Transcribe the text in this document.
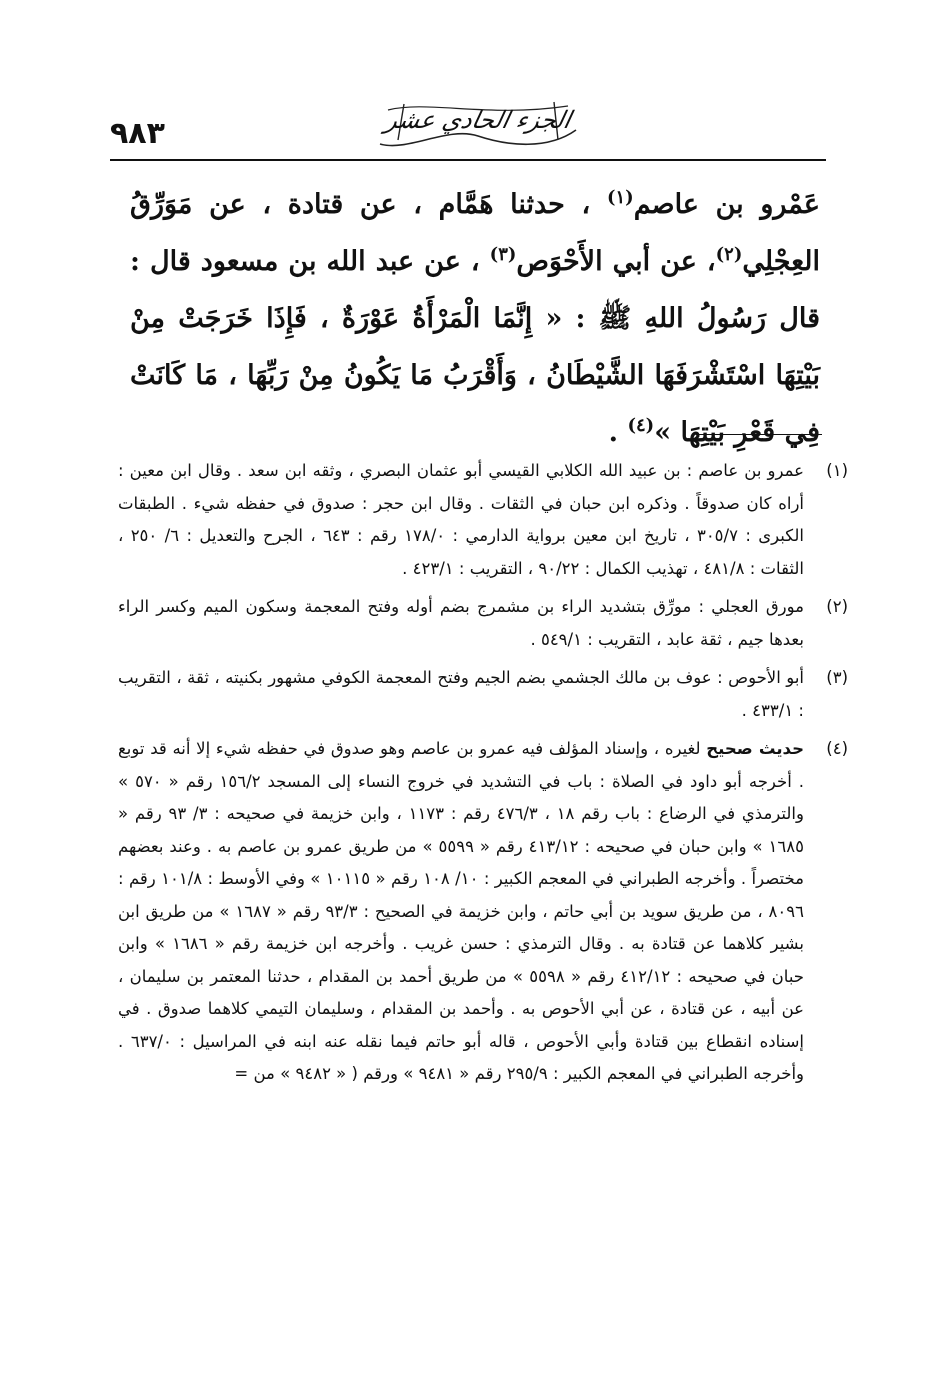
٩٨٣	الجزء الحادي عشر
عَمْرو بن عاصم$^{(١)}$ ، حدثنا هَمَّام ، عن قتادة ، عن مَوَرِّقُ العِجْلِي$^{(٢)}$، عن أبي الأَحْوَص$^{(٣)}$ ، عن عبد الله بن مسعود قال : قال رَسُولُ اللهِ ﷺ : « إِنَّمَا الْمَرْأَةُ عَوْرَةٌ ، فَإِذَا خَرَجَتْ مِنْ بَيْتِهَا اسْتَشْرَفَهَا الشَّيْطَانُ ، وَأَقْرَبُ مَا يَكُونُ مِنْ رَبِّهَا ، مَا كَانَتْ فِي قَعْرِ بَيْتِهَا »$^{(٤)}$ .
(١)
عمرو بن عاصم : بن عبيد الله الكلابي القيسي أبو عثمان البصري ، وثقه ابن سعد . وقال ابن معين : أراه كان صدوقاً . وذكره ابن حبان في الثقات . وقال ابن حجر : صدوق في حفظه شيء . الطبقات الكبرى : ٣٠٥/٧ ، تاريخ ابن معين برواية الدارمي : ١٧٨/٠ رقم : ٦٤٣ ، الجرح والتعديل : ٦/ ٢٥٠ ، الثقات : ٤٨١/٨ ، تهذيب الكمال : ٩٠/٢٢ ، التقريب : ٤٢٣/١ .
(٢)
مورق العجلي : مورِّق بتشديد الراء بن مشمرج بضم أوله وفتح المعجمة وسكون الميم وكسر الراء بعدها جيم ، ثقة عابد ، التقريب : ٥٤٩/١ .
(٣)
أبو الأحوص : عوف بن مالك الجشمي بضم الجيم وفتح المعجمة الكوفي مشهور بكنيته ، ثقة ، التقريب : ٤٣٣/١ .
(٤)
حديث صحيح لغيره ، وإسناد المؤلف فيه عمرو بن عاصم وهو صدوق في حفظه شيء إلا أنه قد توبع . أخرجه أبو داود في الصلاة : باب في التشديد في خروج النساء إلى المسجد ١٥٦/٢ رقم « ٥٧٠ » والترمذي في الرضاع : باب رقم ١٨ ، ٤٧٦/٣ رقم : ١١٧٣ ، وابن خزيمة في صحيحه : ٣/ ٩٣ رقم « ١٦٨٥ » وابن حبان في صحيحه : ٤١٣/١٢ رقم « ٥٥٩٩ » من طريق عمرو بن عاصم به . وعند بعضهم مختصراً . وأخرجه الطبراني في المعجم الكبير : ١٠/ ١٠٨ رقم « ١٠١١٥ » وفي الأوسط : ١٠١/٨ رقم : ٨٠٩٦ ، من طريق سويد بن أبي حاتم ، وابن خزيمة في الصحيح : ٩٣/٣ رقم « ١٦٨٧ » من طريق ابن بشير كلاهما عن قتادة به . وقال الترمذي : حسن غريب . وأخرجه ابن خزيمة رقم « ١٦٨٦ » وابن حبان في صحيحه : ٤١٢/١٢ رقم « ٥٥٩٨ » من طريق أحمد بن المقدام ، حدثنا المعتمر بن سليمان ، عن أبيه ، عن قتادة ، عن أبي الأحوص به . وأحمد بن المقدام ، وسليمان التيمي كلاهما صدوق . في إسناده انقطاع بين قتادة وأبي الأحوص ، قاله أبو حاتم فيما نقله عنه ابنه في المراسيل : ٦٣٧/٠ . وأخرجه الطبراني في المعجم الكبير : ٢٩٥/٩ رقم « ٩٤٨١ » ورقم ( « ٩٤٨٢ » من =
